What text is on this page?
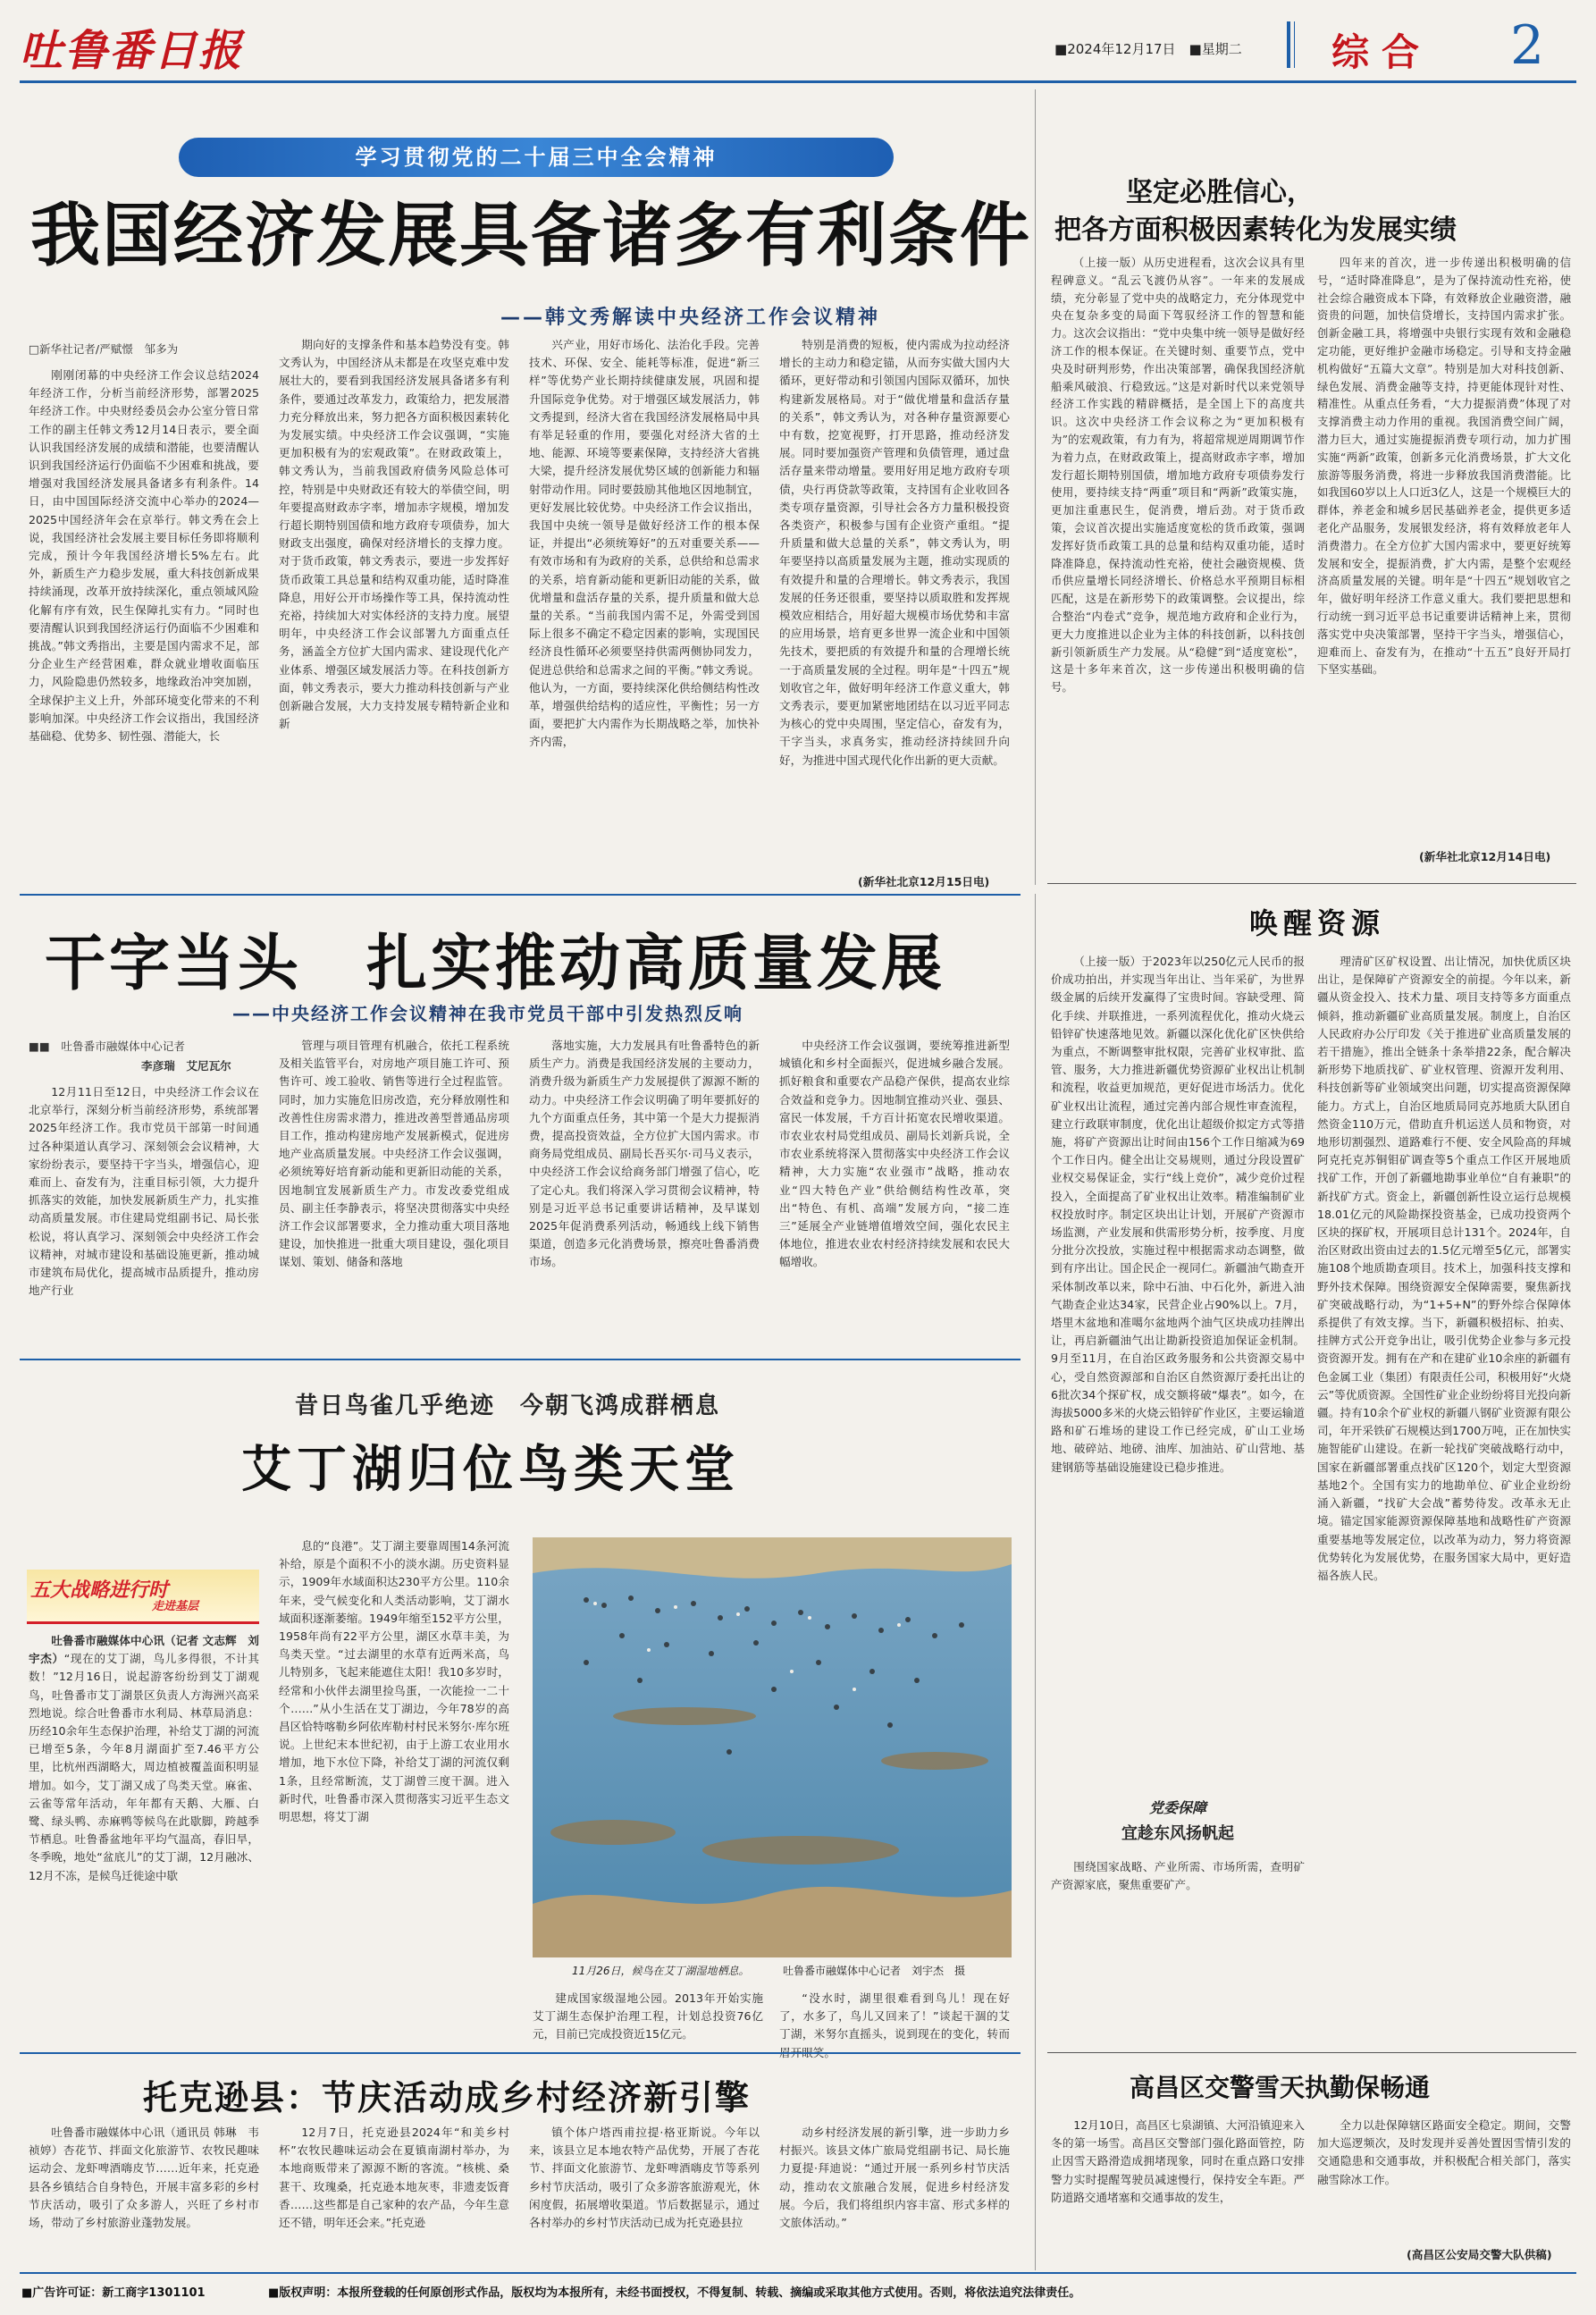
吐鲁番日报	■2024年12月17日　■星期二 综合 2
学习贯彻党的二十届三中全会精神
我国经济发展具备诸多有利条件
——韩文秀解读中央经济工作会议精神
□新华社记者/严赋憬　邹多为

刚刚闭幕的中央经济工作会议总结2024年经济工作，分析当前经济形势，部署2025年经济工作。中央财经委员会办公室分管日常工作的副主任韩文秀12月14日表示，要全面认识我国经济发展的成绩和潜能，也要清醒认识到我国经济运行仍面临不少困难和挑战，要增强对我国经济发展具备诸多有利条件。14日，由中国国际经济交流中心举办的2024—2025中国经济年会在京举行。韩文秀在会上说，我国经济社会发展主要目标任务即将顺利完成，预计今年我国经济增长5%左右。此外，新质生产力稳步发展，重大科技创新成果持续涌现，改革开放持续深化，重点领域风险化解有序有效，民生保障扎实有力。“同时也要清醒认识到我国经济运行仍面临不少困难和挑战。”韩文秀指出，主要是国内需求不足，部分企业生产经营困难，群众就业增收面临压力，风险隐患仍然较多，地缘政治冲突加剧，全球保护主义上升，外部环境变化带来的不利影响加深。中央经济工作会议指出，我国经济基础稳、优势多、韧性强、潜能大，长

期向好的支撑条件和基本趋势没有变。韩文秀认为，中国经济从未都是在攻坚克难中发展壮大的，要看到我国经济发展具备诸多有利条件，要通过改革发力，政策给力，把发展潜力充分释放出来，努力把各方面积极因素转化为发展实绩。中央经济工作会议强调，“实施更加积极有为的宏观政策”。在财政政策上，韩文秀认为，当前我国政府债务风险总体可控，特别是中央财政还有较大的举债空间，明年要提高财政赤字率，增加赤字规模，增加发行超长期特别国债和地方政府专项债券，加大财政支出强度，确保对经济增长的支撑力度。对于货币政策，韩文秀表示，要进一步发挥好货币政策工具总量和结构双重功能，适时降准降息，用好公开市场操作等工具，保持流动性充裕，持续加大对实体经济的支持力度。展望明年，中央经济工作会议部署九方面重点任务，涵盖全方位扩大国内需求、建设现代化产业体系、增强区域发展活力等。在科技创新方面，韩文秀表示，要大力推动科技创新与产业创新融合发展，大力支持发展专精特新企业和新

兴产业，用好市场化、法治化手段。完善技术、环保、安全、能耗等标准，促进“新三样”等优势产业长期持续健康发展，巩固和提升国际竞争优势。对于增强区域发展活力，韩文秀提到，经济大省在我国经济发展格局中具有举足轻重的作用，要强化对经济大省的土地、能源、环境等要素保障，支持经济大省挑大梁，提升经济发展优势区域的创新能力和辐射带动作用。同时要鼓励其他地区因地制宜，更好发展比较优势。中央经济工作会议指出，我国中央统一领导是做好经济工作的根本保证，并提出“必须统筹好”的五对重要关系——有效市场和有为政府的关系，总供给和总需求的关系，培育新动能和更新旧动能的关系，做优增量和盘活存量的关系，提升质量和做大总量的关系。“当前我国内需不足，外需受到国际上很多不确定不稳定因素的影响，实现国民经济良性循环必须要坚持供需两侧协同发力，促进总供给和总需求之间的平衡。”韩文秀说。他认为，一方面，要持续深化供给侧结构性改革，增强供给结构的适应性，平衡性；另一方面，要把扩大内需作为长期战略之举，加快补齐内需，

特别是消费的短板，使内需成为拉动经济增长的主动力和稳定锚，从而夯实做大国内大循环，更好带动和引领国内国际双循环，加快构建新发展格局。对于“做优增量和盘活存量的关系”，韩文秀认为，对各种存量资源要心中有数，挖宽视野，打开思路，推动经济发展。同时要加强资产管理和负债管理，通过盘活存量来带动增量。要用好用足地方政府专项债，央行再贷款等政策，支持国有企业收回各类专项存量资源，引导社会各方力量积极投资各类资产，积极参与国有企业资产重组。“提升质量和做大总量的关系”，韩文秀认为，明年要坚持以高质量发展为主题，推动实现质的有效提升和量的合理增长。韩文秀表示，我国发展的任务还很重，要坚持以质取胜和发挥规模效应相结合，用好超大规模市场优势和丰富的应用场景，培育更多世界一流企业和中国领先技术，要把质的有效提升和量的合理增长统一于高质量发展的全过程。明年是“十四五”规划收官之年，做好明年经济工作意义重大，韩文秀表示，要更加紧密地团结在以习近平同志为核心的党中央周围，坚定信心，奋发有为，干字当头，求真务实，推动经济持续回升向好，为推进中国式现代化作出新的更大贡献。

(新华社北京12月15日电)
坚定必胜信心，
把各方面积极因素转化为发展实绩

（上接一版）从历史进程看，这次会议具有里程碑意义。“乱云飞渡仍从容”。一年来的发展成绩，充分彰显了党中央的战略定力，充分体现党中央在复杂多变的局面下驾驭经济工作的智慧和能力。这次会议指出：“党中央集中统一领导是做好经济工作的根本保证。在关键时刻、重要节点，党中央及时研判形势，作出决策部署，确保我国经济航船乘风破浪、行稳致远。”这是对新时代以来党领导经济工作实践的精辟概括，是全国上下的高度共识。这次中央经济工作会议称之为“更加积极有为”的宏观政策，有力有为，将超常规逆周期调节作为着力点，在财政政策上，提高财政赤字率，增加发行超长期特别国债，增加地方政府专项债券发行使用，要持续支持“两重”项目和“两新”政策实施，更加注重惠民生，促消费，增后劲。对于货币政策，会议首次提出实施适度宽松的货币政策，强调发挥好货币政策工具的总量和结构双重功能，适时降准降息，保持流动性充裕，使社会融资规模、货币供应量增长同经济增长、价格总水平预期目标相匹配，这是在新形势下的政策调整。会议提出，综合整治“内卷式”竞争，规范地方政府和企业行为，更大力度推进以企业为主体的科技创新，以科技创新引领新质生产力发展。从“稳健”到“适度宽松”，这是十多年来首次，这一步传递出积极明确的信号。

四年来的首次，进一步传递出积极明确的信号，“适时降准降息”，是为了保持流动性充裕，使社会综合融资成本下降，有效释放企业融资潜，融资贵的问题，加快信贷增长，支持国内需求扩张。创新金融工具，将增强中央银行实现有效和金融稳定功能，更好维护金融市场稳定。引导和支持金融机构做好“五篇大文章”。特别是加大对科技创新、绿色发展、消费金融等支持，持更能体现针对性、精准性。从重点任务看，“大力提振消费”体现了对支撑消费主动力作用的重视。我国消费空间广阔，潜力巨大，通过实施提振消费专项行动，加力扩围实施“两新”政策，创新多元化消费场景，扩大文化旅游等服务消费，将进一步释放我国消费潜能。比如我国60岁以上人口近3亿人，这是一个规模巨大的群体，养老金和城乡居民基础养老金，提供更多适老化产品服务，发展银发经济，将有效释放老年人消费潜力。在全方位扩大国内需求中，要更好统筹发展和安全，提振消费，扩大内需，是整个宏观经济高质量发展的关键。明年是“十四五”规划收官之年，做好明年经济工作意义重大。我们要把思想和行动统一到习近平总书记重要讲话精神上来，贯彻落实党中央决策部署，坚持干字当头，增强信心，迎难而上、奋发有为，在推动“十五五”良好开局打下坚实基础。

(新华社北京12月14日电)
干字当头　扎实推动高质量发展
——中央经济工作会议精神在我市党员干部中引发热烈反响
■■　吐鲁番市融媒体中心记者
李彦瑞　艾尼瓦尔

12月11日至12日，中央经济工作会议在北京举行，深刻分析当前经济形势，系统部署2025年经济工作。我市党员干部第一时间通过各种渠道认真学习、深刻领会会议精神，大家纷纷表示，要坚持干字当头，增强信心，迎难而上、奋发有为，注重目标引领，大力提升抓落实的效能，加快发展新质生产力，扎实推动高质量发展。市住建局党组副书记、局长张松说，将认真学习、深刻领会中央经济工作会议精神，对城市建设和基础设施更新，推动城市建筑布局优化，提高城市品质提升，推动房地产行业

管理与项目管理有机融合，依托工程系统及相关监管平台，对房地产项目施工许可、预售许可、竣工验收、销售等进行全过程监管。同时，加力实施危旧房改造，充分释放刚性和改善性住房需求潜力，推进改善型普通品房项目工作，推动构建房地产发展新模式，促进房地产业高质量发展。中央经济工作会议强调，必须统筹好培育新动能和更新旧动能的关系，因地制宜发展新质生产力。市发改委党组成员、副主任李静表示，将坚决贯彻落实中央经济工作会议部署要求，全力推动重大项目落地建设，加快推进一批重大项目建设，强化项目谋划、策划、储备和落地

落地实施，大力发展具有吐鲁番特色的新质生产力。消费是我国经济发展的主要动力，消费升级为新质生产力发展提供了源源不断的动力。中央经济工作会议明确了明年要抓好的九个方面重点任务，其中第一个是大力提振消费，提高投资效益，全方位扩大国内需求。市商务局党组成员、副局长吾买尔·司马义表示，中央经济工作会议给商务部门增强了信心，吃了定心丸。我们将深入学习贯彻会议精神，特别是习近平总书记重要讲话精神，及早谋划2025年促消费系列活动，畅通线上线下销售渠道，创造多元化消费场景，擦亮吐鲁番消费市场。

中央经济工作会议强调，要统筹推进新型城镇化和乡村全面振兴，促进城乡融合发展。抓好粮食和重要农产品稳产保供，提高农业综合效益和竞争力。因地制宜推动兴业、强县、富民一体发展，千方百计拓宽农民增收渠道。市农业农村局党组成员、副局长刘新兵说，全市农业系统将深入贯彻落实中央经济工作会议精神，大力实施“农业强市”战略，推动农业“四大特色产业”供给侧结构性改革，突出“特色、有机、高端”发展方向，“接二连三”延展全产业链增值增效空间，强化农民主体地位，推进农业农村经济持续发展和农民大幅增收。

唤醒资源

（上接一版）于2023年以250亿元人民币的报价成功拍出，并实现当年出让、当年采矿，为世界级金属的后续开发赢得了宝贵时间。容缺受理、简化手续、并联推进，一系列流程优化，推动火烧云铅锌矿快速落地见效。新疆以深化优化矿区快供给为重点，不断调整审批权限，完善矿业权审批、监管、服务，大力推进新疆优势资源矿业权出让机制和流程，收益更加规范，更好促进市场活力。优化矿业权出让流程，通过完善内部合规性审查流程，建立行政联审制度，优化出让超级价拟定方式等措施，将矿产资源出让时间由156个工作日缩减为69个工作日内。健全出让交易规则，通过分段设置矿业权交易保证金，实行“线上竞价”，减少竞价过程投入，全面提高了矿业权出让效率。精准编制矿业权投放时序。制定区块出让计划，开展矿产资源市场监测，产业发展和供需形势分析，按季度、月度分批分次投放，实施过程中根据需求动态调整，做到有序出让。国企民企一视同仁。新疆油气勘查开采体制改革以来，除中石油、中石化外，新进入油气勘查企业达34家，民营企业占90%以上。7月，塔里木盆地和准噶尔盆地两个油气区块成功挂牌出让，再启新疆油气出让勘新投资追加保证金机制。9月至11月，在自治区政务服务和公共资源交易中心，受自然资源部和自治区自然资源厅委托出让的6批次34个探矿权，成交额将破“爆表”。如今，在海拔5000多米的火烧云铅锌矿作业区，主要运输道路和矿石堆场的建设工作已经完成，矿山工业场地、破碎站、地磅、油库、加油站、矿山营地、基建钢筋等基础设施建设已稳步推进。

理清矿区矿权设置、出让情况，加快优质区块出让，是保障矿产资源安全的前提。今年以来，新疆从资金投入、技术力量、项目支持等多方面重点倾斜，推动新疆矿业高质量发展。制度上，自治区人民政府办公厅印发《关于推进矿业高质量发展的若干措施》，推出全链条十条举措22条，配合解决新形势下地质找矿、矿业权管理、资源开发利用、科技创新等矿业领域突出问题，切实提高资源保障能力。方式上，自治区地质局同克苏地质大队团自然资金110万元，借助直升机运送人员和物资，对地形切割强烈、道路难行不便、安全风险高的拜城阿克托克苏铜钼矿调查等5个重点工作区开展地质找矿工作，开创了新疆地勘事业单位“自有兼职”的新找矿方式。资金上，新疆创新性设立运行总规模18.01亿元的风险勘探投资基金，已成功投资两个区块的探矿权，开展项目总计131个。2024年，自治区财政出资由过去的1.5亿元增至5亿元，部署实施108个地质勘查项目。技术上，加强科技支撑和野外技术保障。围绕资源安全保障需要，聚焦新找矿突破战略行动，为“1+5+N”的野外综合保障体系提供了有效支撑。当下，新疆积极招标、拍卖、挂牌方式公开竞争出让，吸引优势企业参与多元投资资源开发。拥有在产和在建矿业10余座的新疆有色金属工业（集团）有限责任公司，积极用好“火烧云”等优质资源。全国性矿业企业纷纷将目光投向新疆。持有10余个矿业权的新疆八钢矿业资源有限公司，年开采铁矿石规模达到1700万吨，正在加快实施智能矿山建设。在新一轮找矿突破战略行动中，国家在新疆部署重点找矿区120个，划定大型资源基地2个。全国有实力的地勘单位、矿业企业纷纷涌入新疆，“找矿大会战”蓄势待发。改革永无止境。锚定国家能源资源保障基地和战略性矿产资源重要基地等发展定位，以改革为动力，努力将资源优势转化为发展优势，在服务国家大局中，更好造福各族人民。

党委保障
宜趁东风扬帆起

围绕国家战略、产业所需、市场所需，查明矿产资源家底，聚焦重要矿产。

昔日鸟雀几乎绝迹　今朝飞鸿成群栖息
艾丁湖归位鸟类天堂
五大战略进行时
走进基层

吐鲁番市融媒体中心讯（记者 文志辉　刘宇杰）“现在的艾丁湖，鸟儿多得很，不计其数！”12月16日，说起游客纷纷到艾丁湖观鸟，吐鲁番市艾丁湖景区负责人方海洲兴高采烈地说。综合吐鲁番市水利局、林草局消息：历经10余年生态保护治理，补给艾丁湖的河流已增至5条，今年8月湖面扩至7.46平方公里，比杭州西湖略大，周边植被覆盖面积明显增加。如今，艾丁湖又成了鸟类天堂。麻雀、云雀等常年活动，年年都有天鹅、大雁、白鹭、绿头鸭、赤麻鸭等候鸟在此歇脚，跨越季节栖息。吐鲁番盆地年平均气温高，春旧旱，冬季晚，地处“盆底儿”的艾丁湖，12月融冰、12月不冻，是候鸟迁徙途中歇

息的“良港”。艾丁湖主要靠周围14条河流补给，原是个面积不小的淡水湖。历史资料显示，1909年水域面积达230平方公里。110余年来，受气候变化和人类活动影响，艾丁湖水域面积逐渐萎缩。1949年缩至152平方公里，1958年尚有22平方公里，湖区水草丰美，为鸟类天堂。“过去湖里的水草有近两米高，鸟儿特别多，飞起来能遮住太阳！我10多岁时，经常和小伙伴去湖里捡鸟蛋，一次能捡一二十个……”从小生活在艾丁湖边，今年78岁的高昌区恰特喀勒乡阿依库勒村村民米努尔·库尔班说。上世纪末本世纪初，由于上游工农业用水增加，地下水位下降，补给艾丁湖的河流仅剩1条，且经常断流，艾丁湖曾三度干涸。进入新时代，吐鲁番市深入贯彻落实习近平生态文明思想，将艾丁湖

11月26日，候鸟在艾丁湖湿地栖息。	吐鲁番市融媒体中心记者　刘宇杰　摄

建成国家级湿地公园。2013年开始实施艾丁湖生态保护治理工程，计划总投资76亿元，目前已完成投资近15亿元。

“没水时，湖里很难看到鸟儿！现在好了，水多了，鸟儿又回来了！”谈起干涸的艾丁湖，米努尔直摇头，说到现在的变化，转而

托克逊县：节庆活动成乡村经济新引擎

吐鲁番市融媒体中心讯（通讯员 韩琳　韦祯婷）杏花节、拌面文化旅游节、农牧民趣味运动会、龙虾啤酒嗨皮节……近年来，托克逊县各乡镇结合自身特色，开展丰富多彩的乡村节庆活动，吸引了众多游人，兴旺了乡村市场，带动了乡村旅游业蓬勃发展。

12月7日，托克逊县2024年“和美乡村杯”农牧民趣味运动会在夏镇南湖村举办，为本地商贩带来了源源不断的客流。“核桃、桑葚干、玫瑰桑，托克逊本地灰枣，非遗麦饭膏香……这些都是自己家种的农产品，今年生意还不错，明年还会来。”托克逊

镇个体户塔西甫拉提·格亚斯说。今年以来，该县立足本地农特产品优势，开展了杏花节、拌面文化旅游节、龙虾啤酒嗨皮节等系列乡村节庆活动，吸引了众多游客旅游观光，休闲度假，拓展增收渠道。节后数据显示，通过各村举办的乡村节庆活动已成为托克逊县拉

动乡村经济发展的新引擎，进一步助力乡村振兴。该县文体广旅局党组副书记、局长施力夏提·拜迪说：“通过开展一系列乡村节庆活动，推动农文旅融合发展，促进乡村经济发展。今后，我们将组织内容丰富、形式多样的文旅体活动。”

高昌区交警雪天执勤保畅通

12月10日，高昌区七泉湖镇、大河沿镇迎来入冬的第一场雪。高昌区交警部门强化路面管控，防止因雪天路滑造成拥堵现象，同时在重点路口安排警力实时提醒驾驶员减速慢行，保持安全车距。严防道路交通堵塞和交通事故的发生，

全力以赴保障辖区路面安全稳定。期间，交警加大巡逻频次，及时发现并妥善处置因雪情引发的交通隐患和交通事故，并积极配合相关部门，落实融雪除冰工作。

(高昌区公安局交警大队供稿)
■广告许可证：新工商字1301101	■版权声明：本报所登载的任何原创形式作品，版权均为本报所有，未经书面授权，不得复制、转载、摘编或采取其他方式使用。否则，将依法追究法律责任。
